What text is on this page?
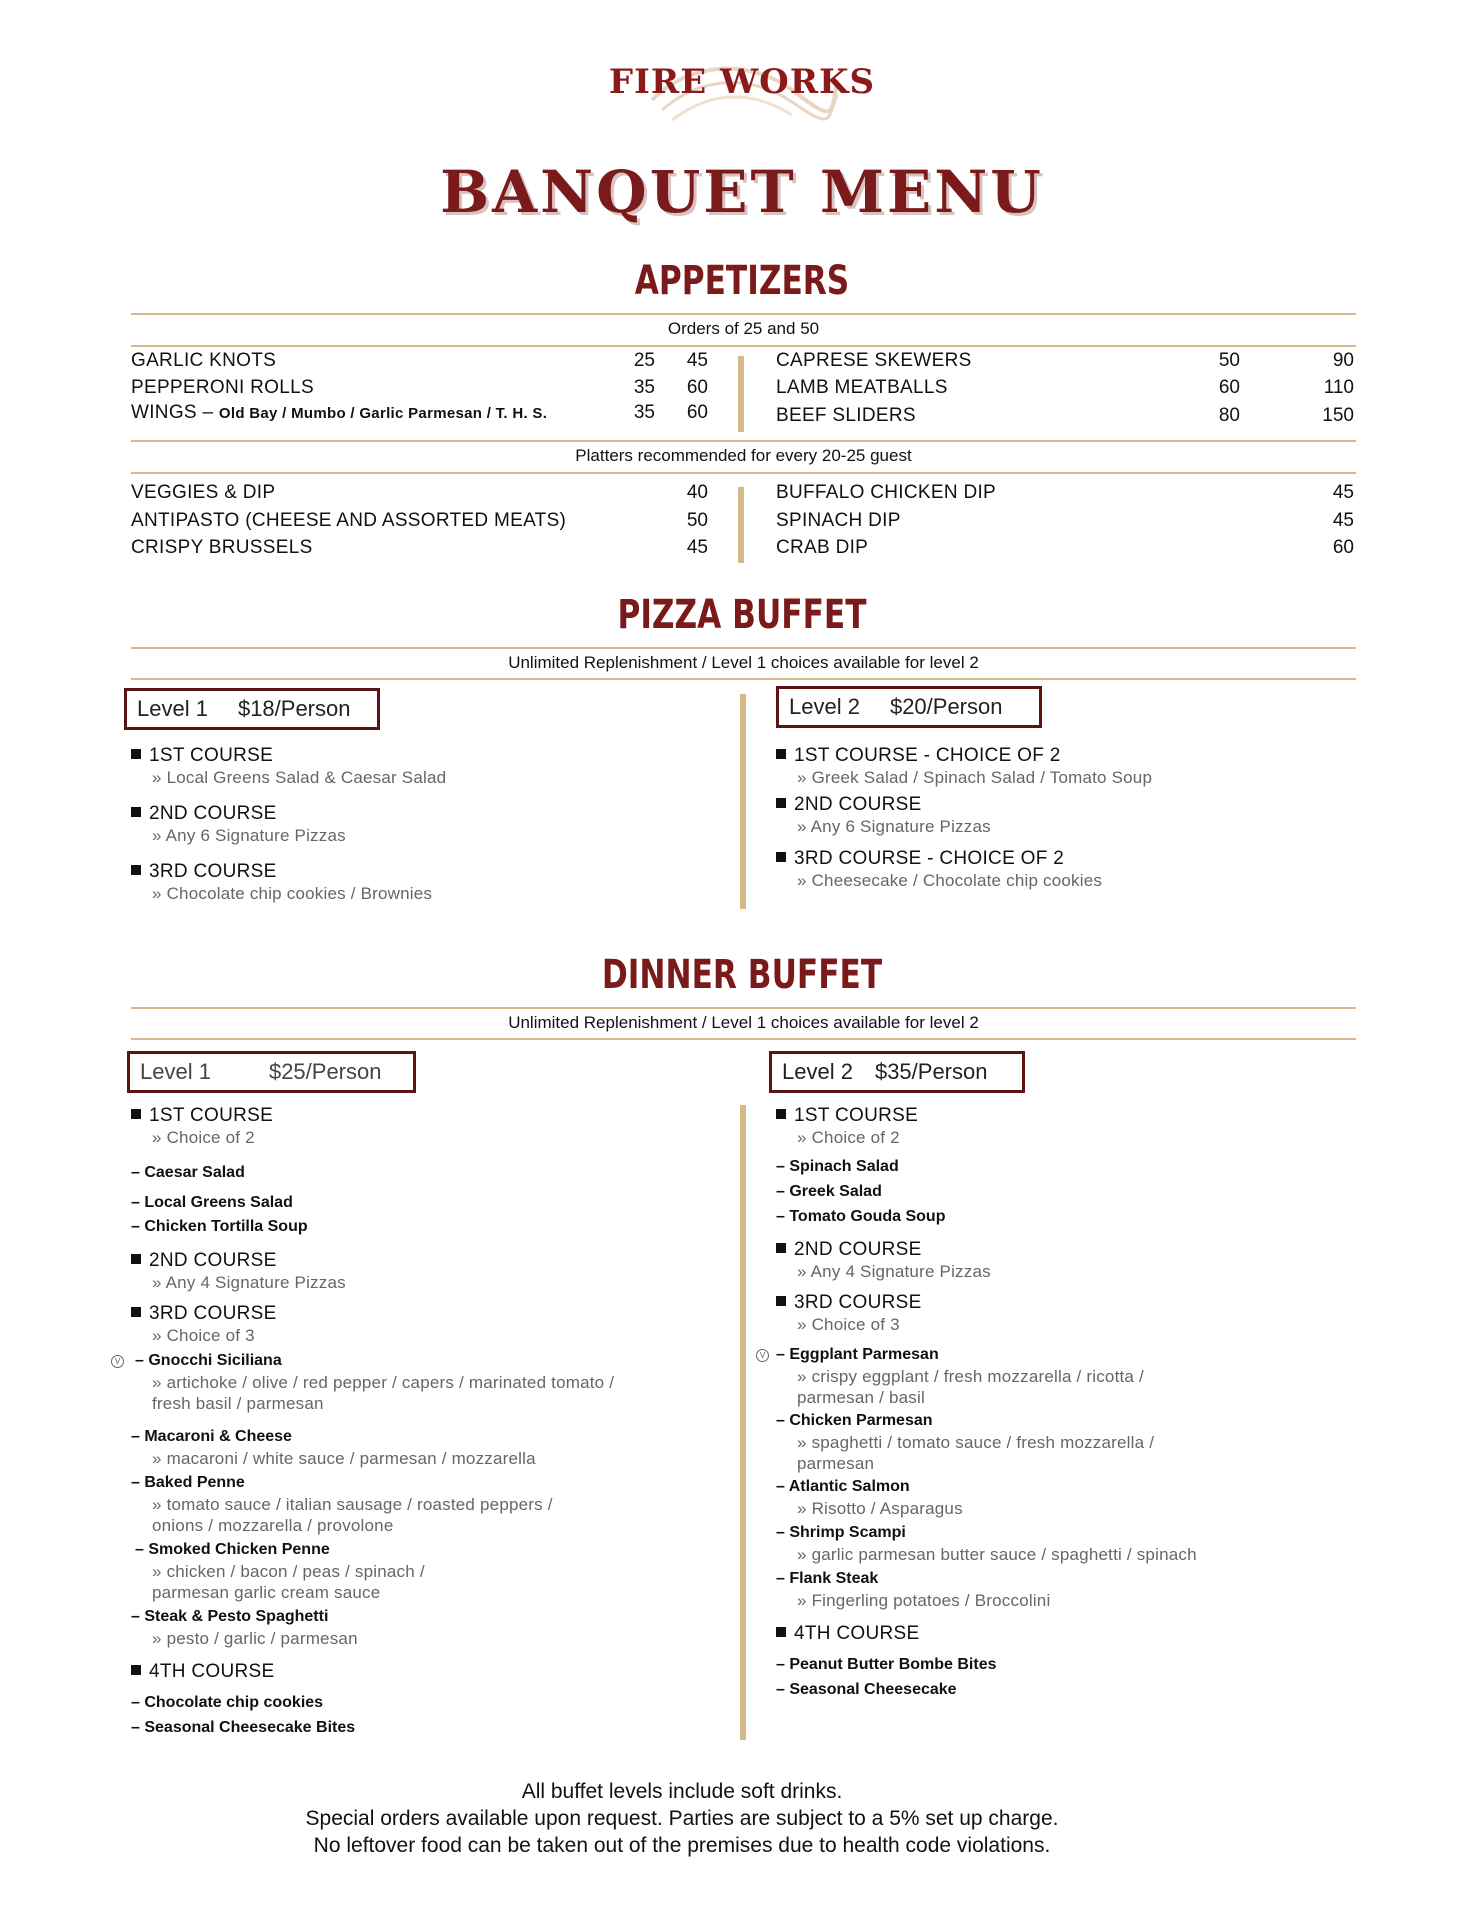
FIRE WORKS
BANQUET MENU
APPETIZERS
Orders of 25 and 50
GARLIC KNOTS	25	45
PEPPERONI ROLLS	35	60
WINGS – Old Bay / Mumbo / Garlic Parmesan / T. H. S.	35	60
CAPRESE SKEWERS	50	90
LAMB MEATBALLS	60	110
BEEF SLIDERS	80	150
Platters recommended for every 20-25 guest
VEGGIES & DIP	40
ANTIPASTO (CHEESE AND ASSORTED MEATS)	50
CRISPY BRUSSELS	45
BUFFALO CHICKEN DIP	45
SPINACH DIP	45
CRAB DIP	60
PIZZA BUFFET
Unlimited Replenishment / Level 1 choices available for level 2
Level 1 $18/Person
1ST COURSE
» Local Greens Salad & Caesar Salad
2ND COURSE
» Any 6 Signature Pizzas
3RD COURSE
» Chocolate chip cookies / Brownies
Level 2 $20/Person
1ST COURSE - CHOICE OF 2
» Greek Salad / Spinach Salad / Tomato Soup
2ND COURSE
» Any 6 Signature Pizzas
3RD COURSE - CHOICE OF 2
» Cheesecake / Chocolate chip cookies
DINNER BUFFET
Unlimited Replenishment / Level 1 choices available for level 2
Level 1	$25/Person
1ST COURSE
» Choice of 2
– Caesar Salad
– Local Greens Salad
– Chicken Tortilla Soup
2ND COURSE
» Any 4 Signature Pizzas
3RD COURSE
» Choice of 3
V – Gnocchi Siciliana
» artichoke / olive / red pepper / capers / marinated tomato /
fresh basil / parmesan
– Macaroni & Cheese
» macaroni / white sauce / parmesan / mozzarella
– Baked Penne
» tomato sauce / italian sausage / roasted peppers /
onions / mozzarella / provolone
– Smoked Chicken Penne
» chicken / bacon / peas / spinach /
parmesan garlic cream sauce
– Steak & Pesto Spaghetti
» pesto / garlic / parmesan
4TH COURSE
– Chocolate chip cookies
– Seasonal Cheesecake Bites
Level 2 $35/Person
1ST COURSE
» Choice of 2
– Spinach Salad
– Greek Salad
– Tomato Gouda Soup
2ND COURSE
» Any 4 Signature Pizzas
3RD COURSE
» Choice of 3
V – Eggplant Parmesan
» crispy eggplant / fresh mozzarella / ricotta /
parmesan / basil
– Chicken Parmesan
» spaghetti / tomato sauce / fresh mozzarella /
parmesan
– Atlantic Salmon
» Risotto / Asparagus
– Shrimp Scampi
» garlic parmesan butter sauce / spaghetti / spinach
– Flank Steak
» Fingerling potatoes / Broccolini
4TH COURSE
– Peanut Butter Bombe Bites
– Seasonal Cheesecake
All buffet levels include soft drinks.
Special orders available upon request. Parties are subject to a 5% set up charge.
No leftover food can be taken out of the premises due to health code violations.
